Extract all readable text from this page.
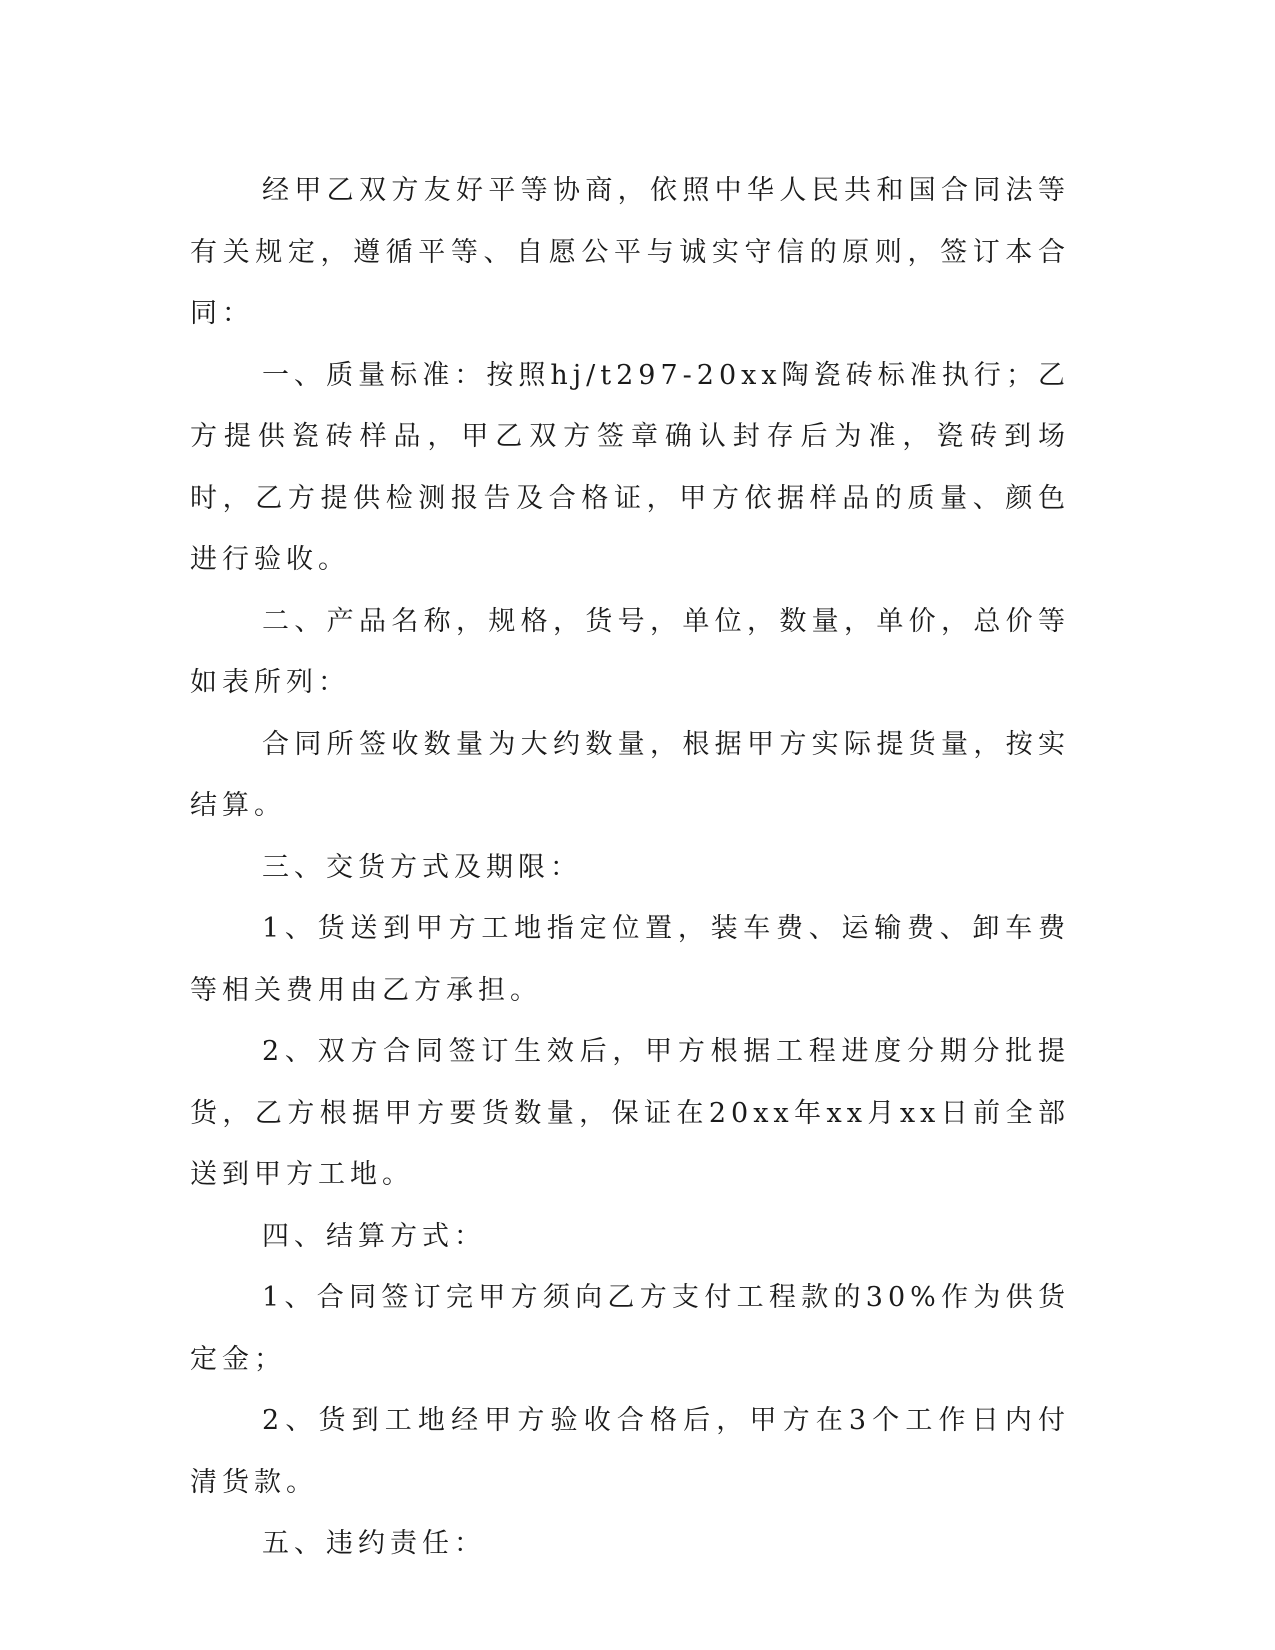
经甲乙双方友好平等协商，依照中华人民共和国合同法等有关规定，遵循平等、自愿公平与诚实守信的原则，签订本合同：

一、质量标准：按照hj/t297-20xx陶瓷砖标准执行；乙方提供瓷砖样品，甲乙双方签章确认封存后为准，瓷砖到场时，乙方提供检测报告及合格证，甲方依据样品的质量、颜色进行验收。

二、产品名称，规格，货号，单位，数量，单价，总价等如表所列：

合同所签收数量为大约数量，根据甲方实际提货量，按实结算。

三、交货方式及期限：

1、货送到甲方工地指定位置，装车费、运输费、卸车费等相关费用由乙方承担。

2、双方合同签订生效后，甲方根据工程进度分期分批提货，乙方根据甲方要货数量，保证在20xx年xx月xx日前全部送到甲方工地。

四、结算方式：

1、合同签订完甲方须向乙方支付工程款的30%作为供货定金；

2、货到工地经甲方验收合格后，甲方在3个工作日内付清货款。

五、违约责任：
